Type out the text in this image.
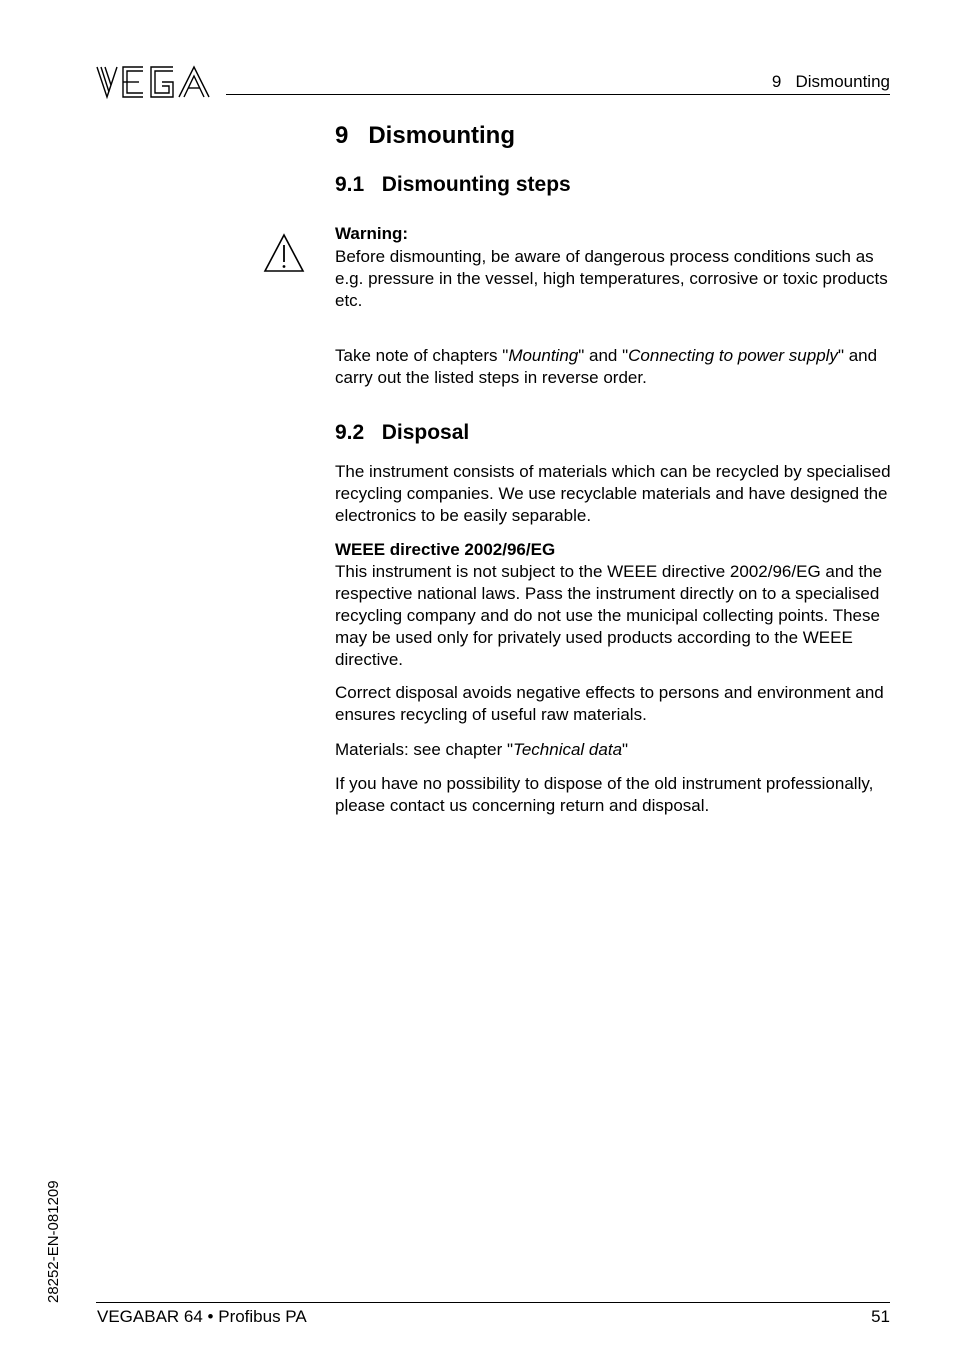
9   Dismounting
9   Dismounting
9.1   Dismounting steps

Warning:

Before dismounting, be aware of dangerous process conditions such as e.g. pressure in the vessel, high temperatures, corrosive or toxic products etc.

Take note of chapters "Mounting" and "Connecting to power supply" and carry out the listed steps in reverse order.

9.2   Disposal

The instrument consists of materials which can be recycled by specialised recycling companies. We use recyclable materials and have designed the electronics to be easily separable.

WEEE directive 2002/96/EG

This instrument is not subject to the WEEE directive 2002/96/EG and the respective national laws. Pass the instrument directly on to a specialised recycling company and do not use the municipal collecting points. These may be used only for privately used products according to the WEEE directive.

Correct disposal avoids negative effects to persons and environment and ensures recycling of useful raw materials.

Materials: see chapter "Technical data"

If you have no possibility to dispose of the old instrument professionally, please contact us concerning return and disposal.

28252-EN-081209
VEGABAR 64 • Profibus PA	51
